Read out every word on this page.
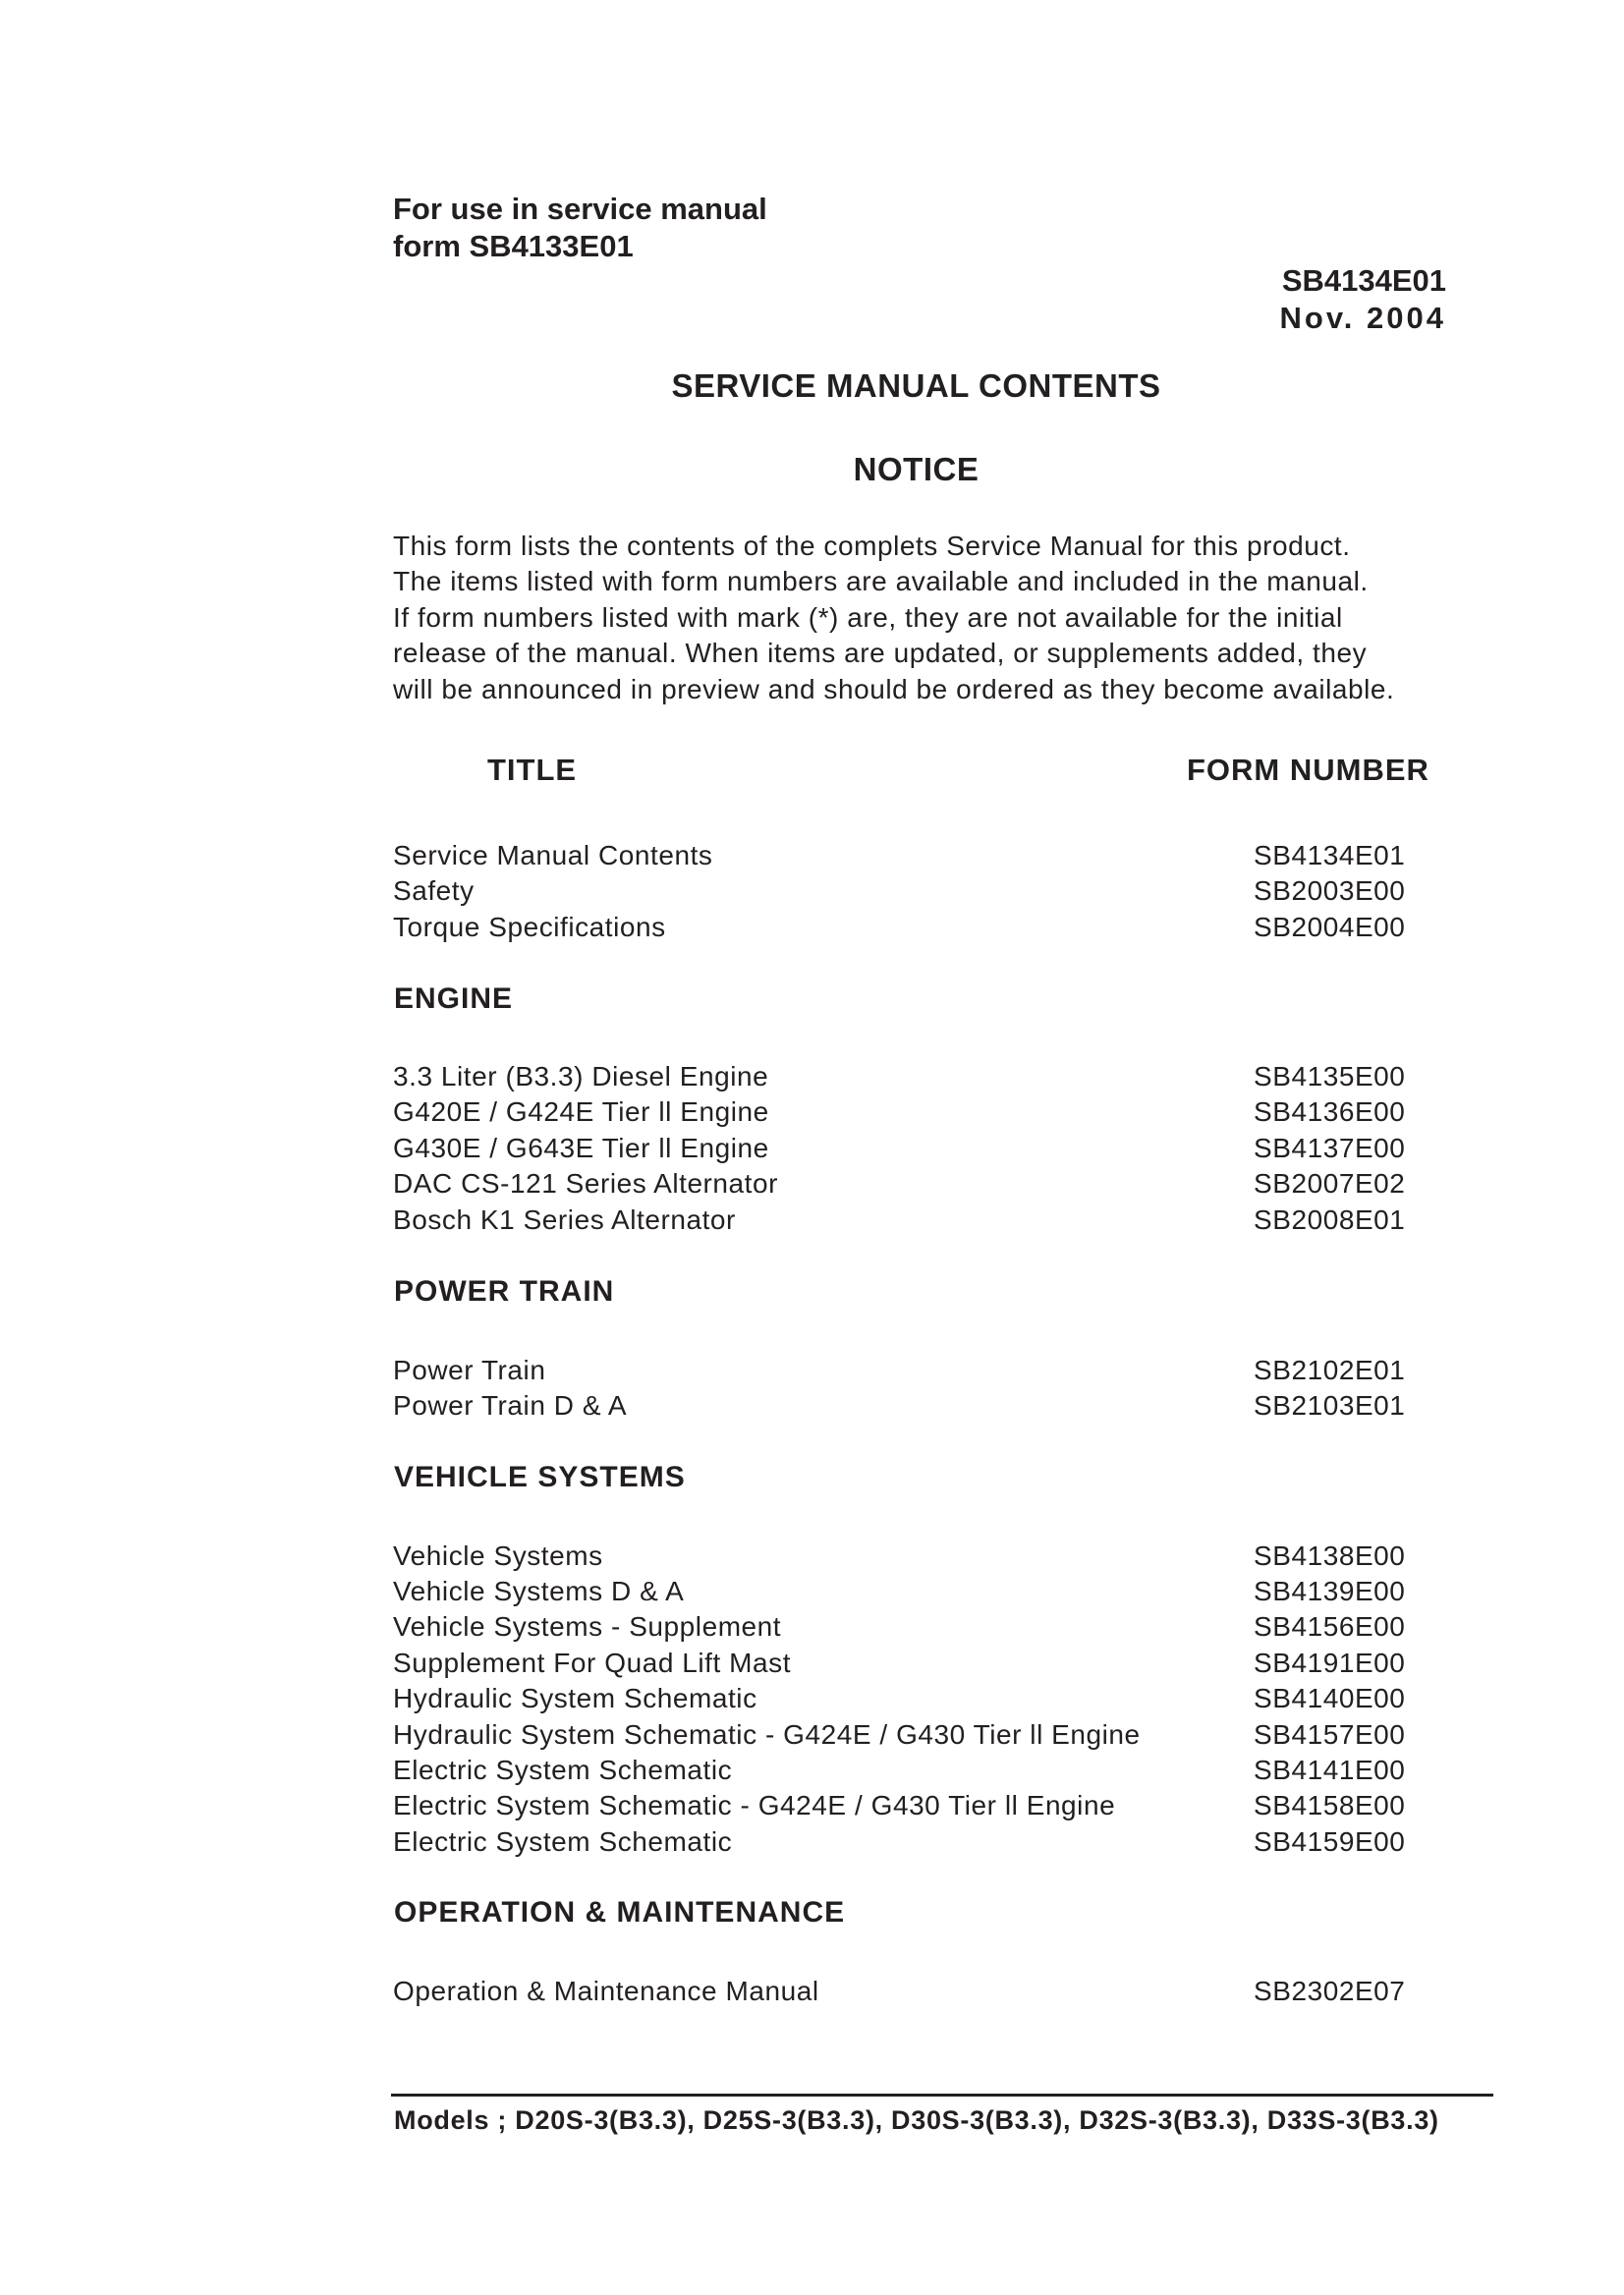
For use in service manual
form SB4133E01
SB4134E01
Nov. 2004
SERVICE MANUAL CONTENTS
NOTICE
This form lists the contents of the complets Service Manual for this product.
The items listed with form numbers are available and included in the manual.
If form numbers listed with mark (*) are, they are not available for the initial
release of the manual. When items are updated, or supplements added, they
will be announced in preview and should be ordered as they become available.
TITLE	FORM NUMBER
Service Manual Contents	SB4134E01
Safety	SB2003E00
Torque Specifications	SB2004E00
ENGINE
3.3 Liter (B3.3) Diesel Engine	SB4135E00
G420E / G424E Tier ll Engine	SB4136E00
G430E / G643E Tier ll Engine	SB4137E00
DAC CS-121 Series Alternator	SB2007E02
Bosch K1 Series Alternator	SB2008E01
POWER TRAIN
Power Train	SB2102E01
Power Train D & A	SB2103E01
VEHICLE SYSTEMS
Vehicle Systems	SB4138E00
Vehicle Systems D & A	SB4139E00
Vehicle Systems - Supplement	SB4156E00
Supplement For Quad Lift Mast	SB4191E00
Hydraulic System Schematic	SB4140E00
Hydraulic System Schematic - G424E / G430 Tier ll Engine	SB4157E00
Electric System Schematic	SB4141E00
Electric System Schematic - G424E / G430 Tier ll Engine	SB4158E00
Electric System Schematic	SB4159E00
OPERATION & MAINTENANCE
Operation & Maintenance Manual	SB2302E07
Models ; D20S-3(B3.3), D25S-3(B3.3), D30S-3(B3.3), D32S-3(B3.3), D33S-3(B3.3)
